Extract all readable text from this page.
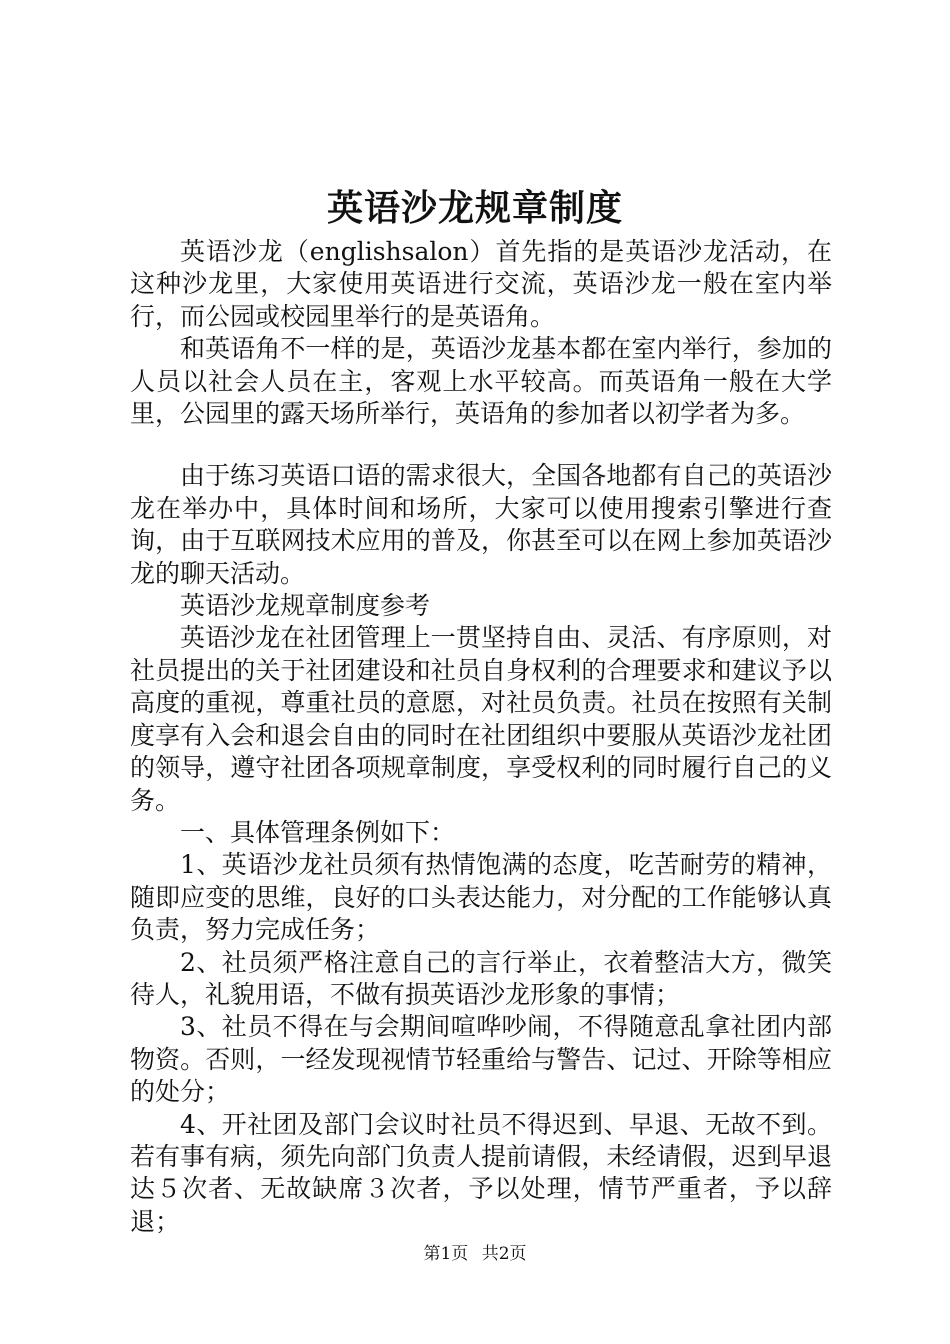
英语沙龙规章制度

英语沙龙（englishsalon）首先指的是英语沙龙活动，在这种沙龙里，大家使用英语进行交流，英语沙龙一般在室内举行，而公园或校园里举行的是英语角。

和英语角不一样的是，英语沙龙基本都在室内举行，参加的人员以社会人员在主，客观上水平较高。而英语角一般在大学里，公园里的露天场所举行，英语角的参加者以初学者为多。

由于练习英语口语的需求很大，全国各地都有自己的英语沙龙在举办中，具体时间和场所，大家可以使用搜索引擎进行查询，由于互联网技术应用的普及，你甚至可以在网上参加英语沙龙的聊天活动。

英语沙龙规章制度参考

英语沙龙在社团管理上一贯坚持自由、灵活、有序原则，对社员提出的关于社团建设和社员自身权利的合理要求和建议予以高度的重视，尊重社员的意愿，对社员负责。社员在按照有关制度享有入会和退会自由的同时在社团组织中要服从英语沙龙社团的领导，遵守社团各项规章制度，享受权利的同时履行自己的义务。

一、具体管理条例如下：

1、英语沙龙社员须有热情饱满的态度，吃苦耐劳的精神，随即应变的思维，良好的口头表达能力，对分配的工作能够认真负责，努力完成任务；

2、社员须严格注意自己的言行举止，衣着整洁大方，微笑待人，礼貌用语，不做有损英语沙龙形象的事情；

3、社员不得在与会期间喧哗吵闹，不得随意乱拿社团内部物资。否则，一经发现视情节轻重给与警告、记过、开除等相应的处分；

4、开社团及部门会议时社员不得迟到、早退、无故不到。若有事有病，须先向部门负责人提前请假，未经请假，迟到早退达５次者、无故缺席３次者，予以处理，情节严重者，予以辞退；

第1页 共2页
